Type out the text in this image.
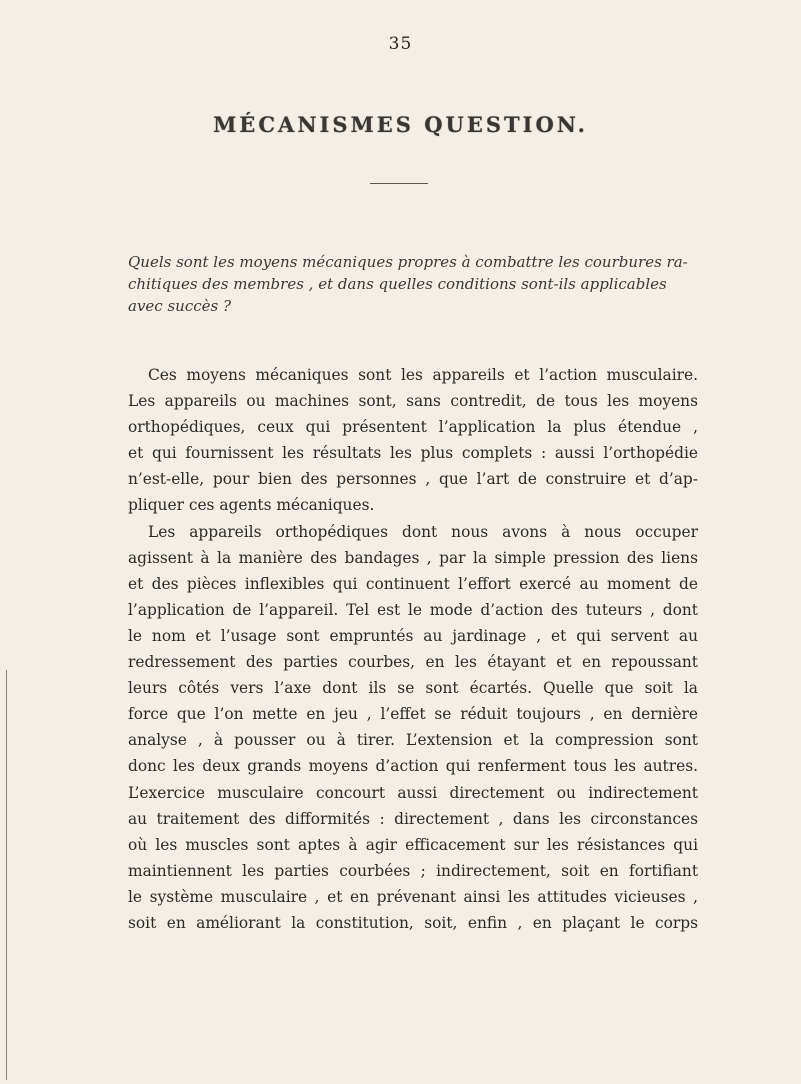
35
MÉCANISMES QUESTION.
Quels sont les moyens mécaniques propres à combattre les courbures ra-
chitiques des membres , et dans quelles conditions sont-ils applicables
avec succès ?
Ces moyens mécaniques sont les appareils et l’action musculaire.
Les appareils ou machines sont, sans contredit, de tous les moyens
orthopédiques, ceux qui présentent l’application la plus étendue ,
et qui fournissent les résultats les plus complets : aussi l’orthopédie
n’est-elle, pour bien des personnes , que l’art de construire et d’ap-
pliquer ces agents mécaniques.
Les appareils orthopédiques dont nous avons à nous occuper
agissent à la manière des bandages , par la simple pression des liens
et des pièces inflexibles qui continuent l’effort exercé au moment de
l’application de l’appareil. Tel est le mode d’action des tuteurs , dont
le nom et l’usage sont empruntés au jardinage , et qui servent au
redressement des parties courbes, en les étayant et en repoussant
leurs côtés vers l’axe dont ils se sont écartés. Quelle que soit la
force que l’on mette en jeu , l’effet se réduit toujours , en dernière
analyse , à pousser ou à tirer. L’extension et la compression sont
donc les deux grands moyens d’action qui renferment tous les autres.
L’exercice musculaire concourt aussi directement ou indirectement
au traitement des difformités : directement , dans les circonstances
où les muscles sont aptes à agir efficacement sur les résistances qui
maintiennent les parties courbées ; indirectement, soit en fortifiant
le système musculaire , et en prévenant ainsi les attitudes vicieuses ,
soit en améliorant la constitution, soit, enfin , en plaçant le corps
